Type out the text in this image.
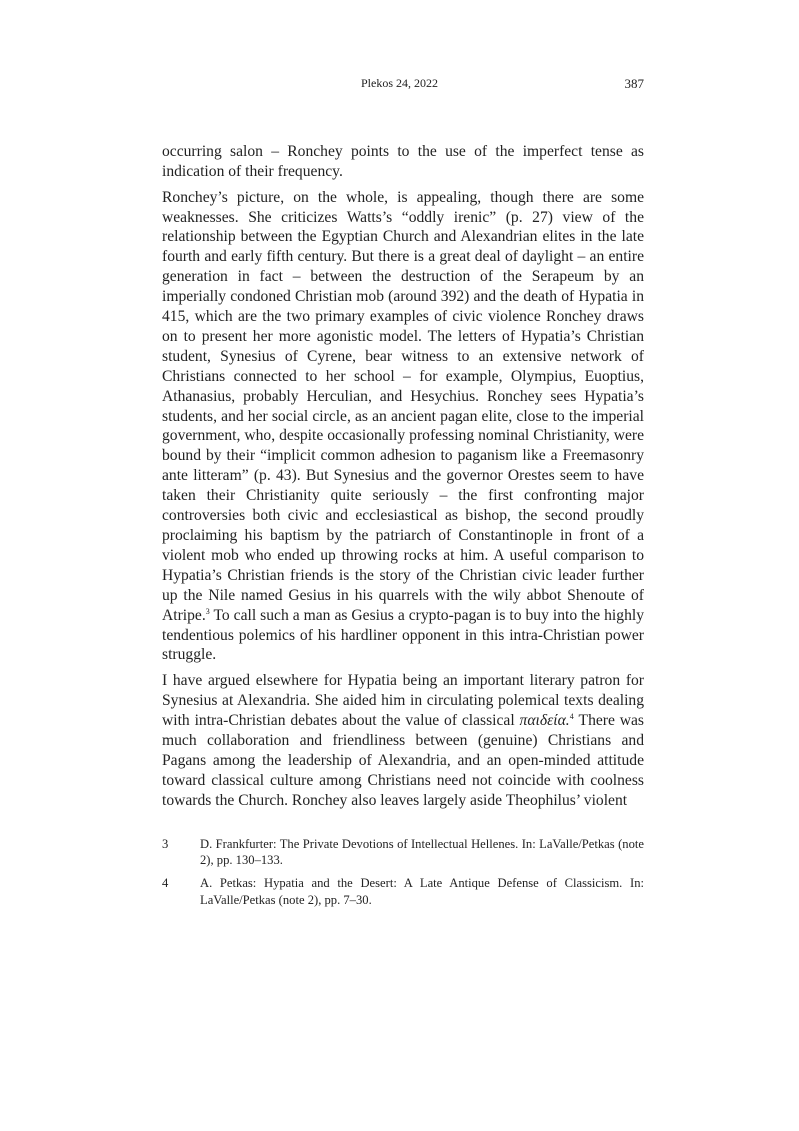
Plekos 24, 2022	387

occurring salon – Ronchey points to the use of the imperfect tense as indication of their frequency.

Ronchey’s picture, on the whole, is appealing, though there are some weaknesses. She criticizes Watts’s “oddly irenic” (p. 27) view of the relationship between the Egyptian Church and Alexandrian elites in the late fourth and early fifth century. But there is a great deal of daylight – an entire generation in fact – between the destruction of the Serapeum by an imperially condoned Christian mob (around 392) and the death of Hypatia in 415, which are the two primary examples of civic violence Ronchey draws on to present her more agonistic model. The letters of Hypatia’s Christian student, Synesius of Cyrene, bear witness to an extensive network of Christians connected to her school – for example, Olympius, Euoptius, Athanasius, probably Herculian, and Hesychius. Ronchey sees Hypatia’s students, and her social circle, as an ancient pagan elite, close to the imperial government, who, despite occasionally professing nominal Christianity, were bound by their “implicit common adhesion to paganism like a Freemasonry ante litteram” (p. 43). But Synesius and the governor Orestes seem to have taken their Christianity quite seriously – the first confronting major controversies both civic and ecclesiastical as bishop, the second proudly proclaiming his baptism by the patriarch of Constantinople in front of a violent mob who ended up throwing rocks at him. A useful comparison to Hypatia’s Christian friends is the story of the Christian civic leader further up the Nile named Gesius in his quarrels with the wily abbot Shenoute of Atripe.$^3$ To call such a man as Gesius a crypto-pagan is to buy into the highly tendentious polemics of his hardliner opponent in this intra-Christian power struggle.

I have argued elsewhere for Hypatia being an important literary patron for Synesius at Alexandria. She aided him in circulating polemical texts dealing with intra-Christian debates about the value of classical παιδεία.$^4$ There was much collaboration and friendliness between (genuine) Christians and Pagans among the leadership of Alexandria, and an open-minded attitude toward classical culture among Christians need not coincide with coolness towards the Church. Ronchey also leaves largely aside Theophilus’ violent

3	D. Frankfurter: The Private Devotions of Intellectual Hellenes. In: LaValle/Petkas (note 2), pp. 130–133.
4	A. Petkas: Hypatia and the Desert: A Late Antique Defense of Classicism. In: LaValle/Petkas (note 2), pp. 7–30.
